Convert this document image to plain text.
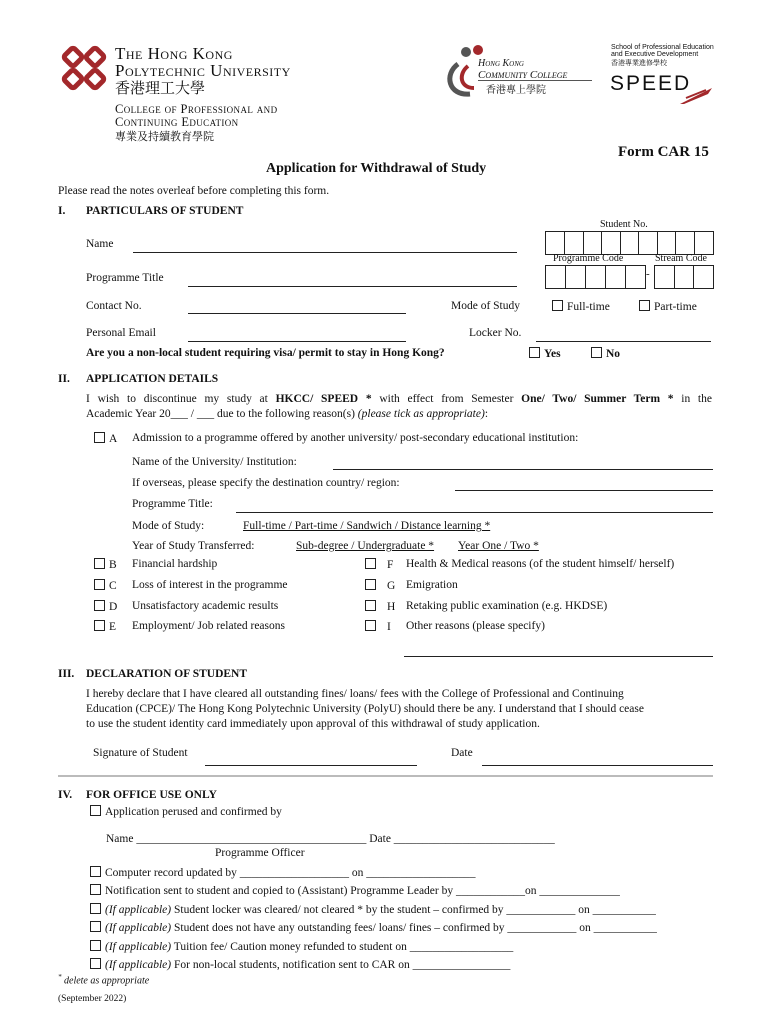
The Hong Kong
Polytechnic University
香港理工大學
College of Professional and
Continuing Education
專業及持續教育學院
Hong Kong
Community College
香港專上學院
School of Professional Education
and Executive Development
香港專業進修學校
SPEED
Form CAR 15
Application for Withdrawal of Study
Please read the notes overleaf before completing this form.
I. PARTICULARS OF STUDENT
Student No.
Name
Programme Code	Stream Code
-
Programme Title
Contact No.	Mode of Study	Full-time	Part-time
Personal Email	Locker No.
Are you a non-local student requiring visa/ permit to stay in Hong Kong?	Yes	No
II. APPLICATION DETAILS
I wish to discontinue my study at HKCC/ SPEED * with effect from Semester One/ Two/ Summer Term * in the
Academic Year 20___ / ___ due to the following reason(s) (please tick as appropriate):
A Admission to a programme offered by another university/ post-secondary educational institution:
Name of the University/ Institution:
If overseas, please specify the destination country/ region:
Programme Title:
Mode of Study:	Full-time / Part-time / Sandwich / Distance learning *
Year of Study Transferred:	Sub-degree / Undergraduate * Year One / Two *
B Financial hardship	F Health & Medical reasons (of the student himself/ herself)
C Loss of interest in the programme	G Emigration
D Unsatisfactory academic results	H Retaking public examination (e.g. HKDSE)
E Employment/ Job related reasons	I Other reasons (please specify)
III. DECLARATION OF STUDENT
I hereby declare that I have cleared all outstanding fines/ loans/ fees with the College of Professional and Continuing
Education (CPCE)/ The Hong Kong Polytechnic University (PolyU) should there be any. I understand that I should cease
to use the student identity card immediately upon approval of this withdrawal of study application.
Signature of Student	Date
IV. FOR OFFICE USE ONLY
Application perused and confirmed by
Name ________________________________________ Date ____________________________
Programme Officer
Computer record updated by ___________________ on ___________________
Notification sent to student and copied to (Assistant) Programme Leader by ____________on ______________
(If applicable) Student locker was cleared/ not cleared * by the student – confirmed by ____________ on ___________
(If applicable) Student does not have any outstanding fees/ loans/ fines – confirmed by ____________ on ___________
(If applicable) Tuition fee/ Caution money refunded to student on __________________
(If applicable) For non-local students, notification sent to CAR on _________________
* delete as appropriate
(September 2022)
